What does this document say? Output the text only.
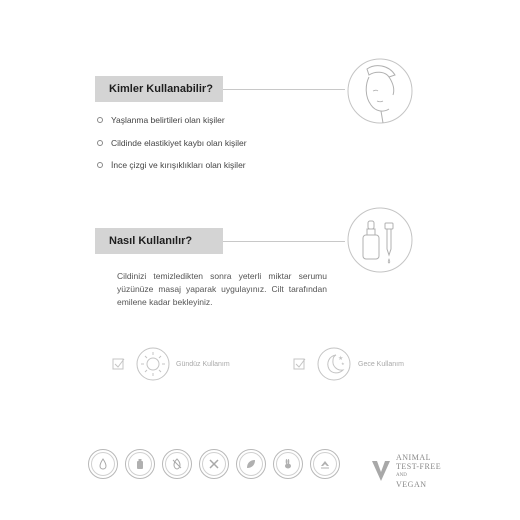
Kimler Kullanabilir?
Yaşlanma belirtileri olan kişiler
Cildinde elastikiyet kaybı olan kişiler
İnce çizgi ve kırışıklıkları olan kişiler
Nasıl Kullanılır?
Cildinizi temizledikten sonra yeterli miktar serumu yüzünüze masaj yaparak uygulayınız. Cilt tarafından emilene kadar bekleyiniz.
Gündüz Kullanım
★
★ Gece Kullanım
ANIMAL
TEST-FREE
AND
VEGAN
